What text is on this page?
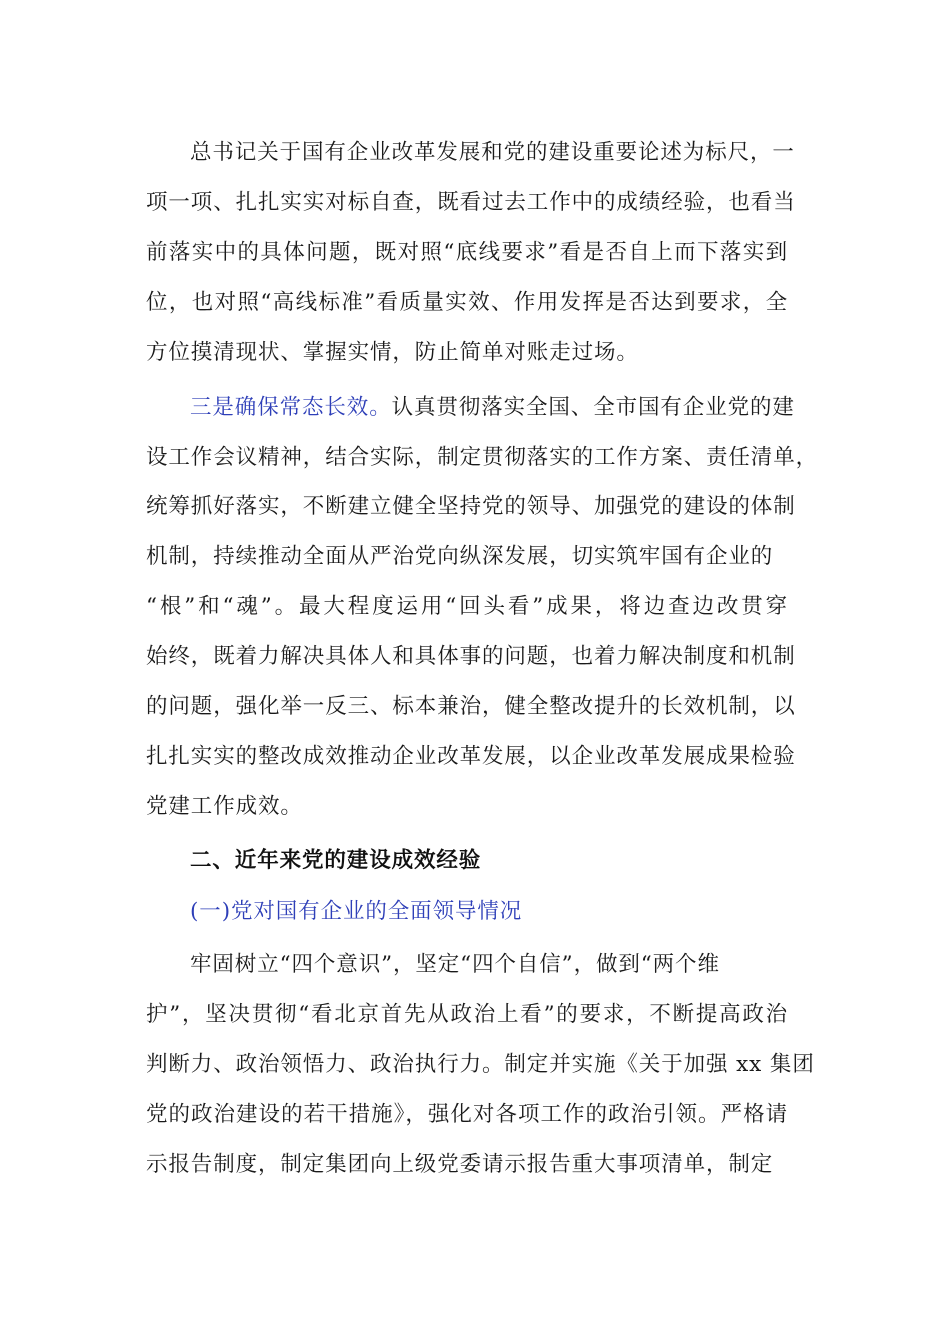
总书记关于国有企业改革发展和党的建设重要论述为标尺，一
项一项、扎扎实实对标自查，既看过去工作中的成绩经验，也看当
前落实中的具体问题，既对照“底线要求”看是否自上而下落实到
位，也对照“高线标准”看质量实效、作用发挥是否达到要求，全
方位摸清现状、掌握实情，防止简单对账走过场。
三是确保常态长效。认真贯彻落实全国、全市国有企业党的建
设工作会议精神，结合实际，制定贯彻落实的工作方案、责任清单，
统筹抓好落实，不断建立健全坚持党的领导、加强党的建设的体制
机制，持续推动全面从严治党向纵深发展，切实筑牢国有企业的
“根”和“魂”。最大程度运用“回头看”成果，将边查边改贯穿
始终，既着力解决具体人和具体事的问题，也着力解决制度和机制
的问题，强化举一反三、标本兼治，健全整改提升的长效机制，以
扎扎实实的整改成效推动企业改革发展，以企业改革发展成果检验
党建工作成效。
二、近年来党的建设成效经验
(一)党对国有企业的全面领导情况
牢固树立“四个意识”，坚定“四个自信”，做到“两个维
护”，坚决贯彻“看北京首先从政治上看”的要求，不断提高政治
判断力、政治领悟力、政治执行力。制定并实施《关于加强 xx 集团
党的政治建设的若干措施》，强化对各项工作的政治引领。严格请
示报告制度，制定集团向上级党委请示报告重大事项清单，制定
